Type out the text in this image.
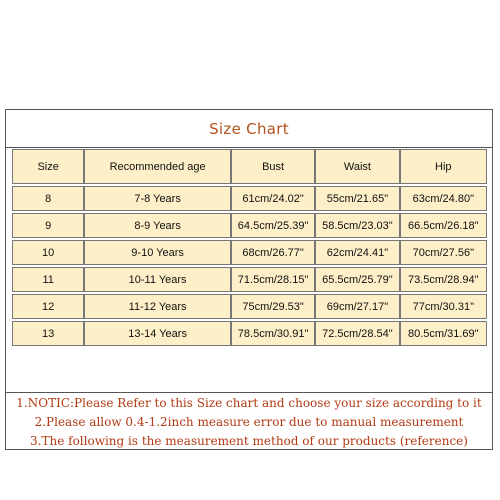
Size Chart
Size	Recommended age	Bust	Waist	Hip
8	7-8 Years	61cm/24.02"	55cm/21.65"	63cm/24.80"
9	8-9 Years	64.5cm/25.39"	58.5cm/23.03"	66.5cm/26.18"
10	9-10 Years	68cm/26.77"	62cm/24.41"	70cm/27.56"
11	10-11 Years	71.5cm/28.15"	65.5cm/25.79"	73.5cm/28.94"
12	11-12 Years	75cm/29.53"	69cm/27.17"	77cm/30.31"
13	13-14 Years	78.5cm/30.91"	72.5cm/28.54"	80.5cm/31.69"
1.NOTIC:Please Refer to this Size chart and choose your size according to it
2.Please allow 0.4-1.2inch measure error due to manual measurement
3.The following is the measurement method of our products (reference)
